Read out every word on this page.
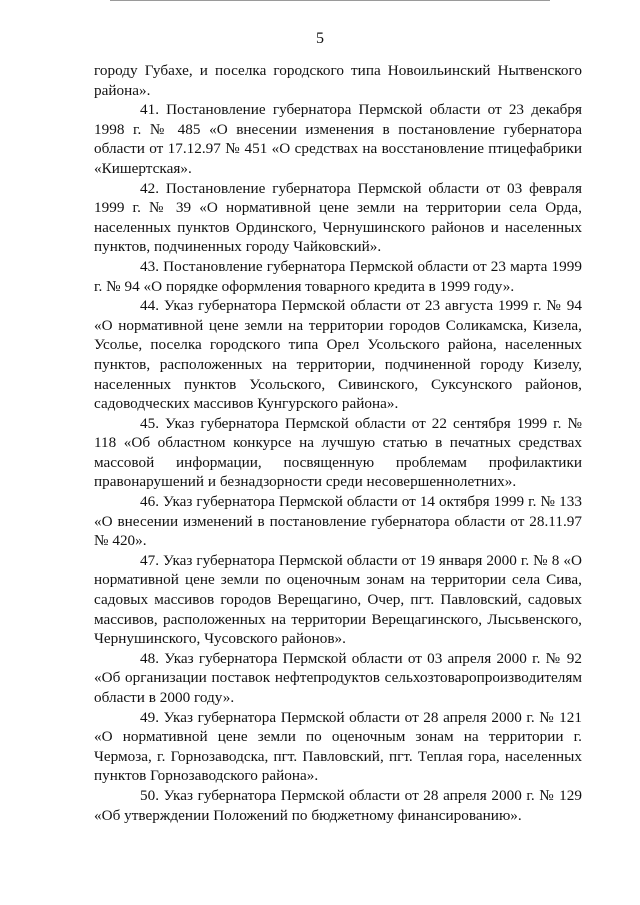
5

городу Губахе, и поселка городского типа Новоильинский Нытвенского района».

41. Постановление губернатора Пермской области от 23 декабря 1998 г. № 485 «О внесении изменения в постановление губернатора области от 17.12.97 № 451 «О средствах на восстановление птицефабрики «Кишертская».

42. Постановление губернатора Пермской области от 03 февраля 1999 г. № 39 «О нормативной цене земли на территории села Орда, населенных пунктов Ординского, Чернушинского районов и населенных пунктов, подчиненных городу Чайковский».

43. Постановление губернатора Пермской области от 23 марта 1999 г. № 94 «О порядке оформления товарного кредита в 1999 году».

44. Указ губернатора Пермской области от 23 августа 1999 г. № 94 «О нормативной цене земли на территории городов Соликамска, Кизела, Усолье, поселка городского типа Орел Усольского района, населенных пунктов, расположенных на территории, подчиненной городу Кизелу, населенных пунктов Усольского, Сивинского, Суксунского районов, садоводческих массивов Кунгурского района».

45. Указ губернатора Пермской области от 22 сентября 1999 г. № 118 «Об областном конкурсе на лучшую статью в печатных средствах массовой информации, посвященную проблемам профилактики правонарушений и безнадзорности среди несовершеннолетних».

46. Указ губернатора Пермской области от 14 октября 1999 г. № 133 «О внесении изменений в постановление губернатора области от 28.11.97 № 420».

47. Указ губернатора Пермской области от 19 января 2000 г. № 8 «О нормативной цене земли по оценочным зонам на территории села Сива, садовых массивов городов Верещагино, Очер, пгт. Павловский, садовых массивов, расположенных на территории Верещагинского, Лысьвенского, Чернушинского, Чусовского районов».

48. Указ губернатора Пермской области от 03 апреля 2000 г. № 92 «Об организации поставок нефтепродуктов сельхозтоваропроизводителям области в 2000 году».

49. Указ губернатора Пермской области от 28 апреля 2000 г. № 121 «О нормативной цене земли по оценочным зонам на территории г. Чермоза, г. Горнозаводска, пгт. Павловский, пгт. Теплая гора, населенных пунктов Горнозаводского района».

50. Указ губернатора Пермской области от 28 апреля 2000 г. № 129 «Об утверждении Положений по бюджетному финансированию».
